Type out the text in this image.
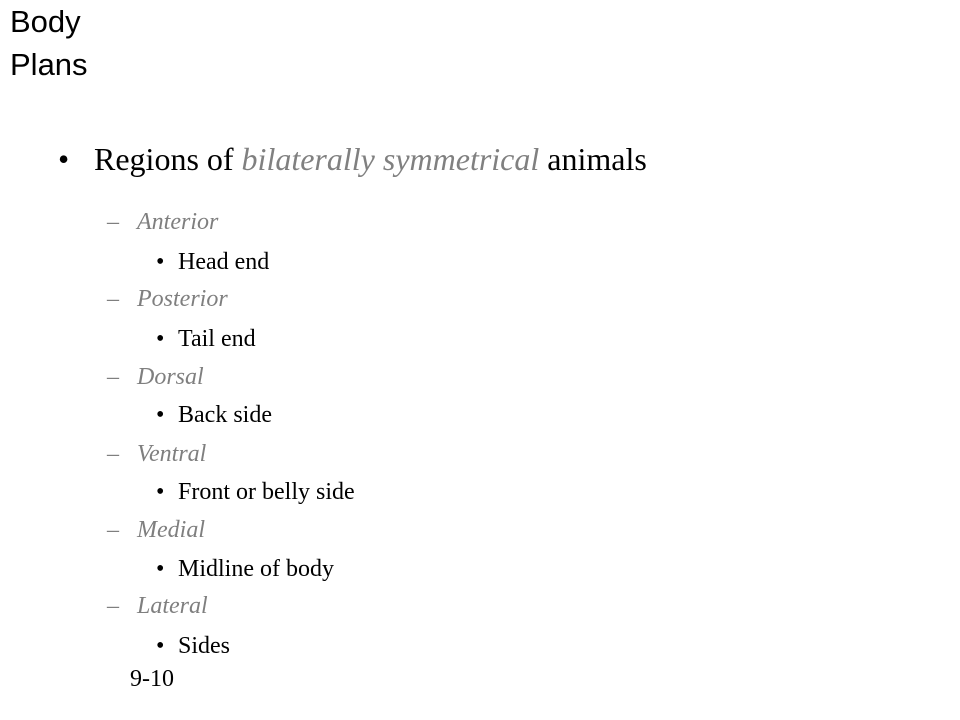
Body
Plans
• Regions of bilaterally symmetrical animals
– Anterior
• Head end
– Posterior
• Tail end
– Dorsal
• Back side
– Ventral
• Front or belly side
– Medial
• Midline of body
– Lateral
• Sides
9-10
